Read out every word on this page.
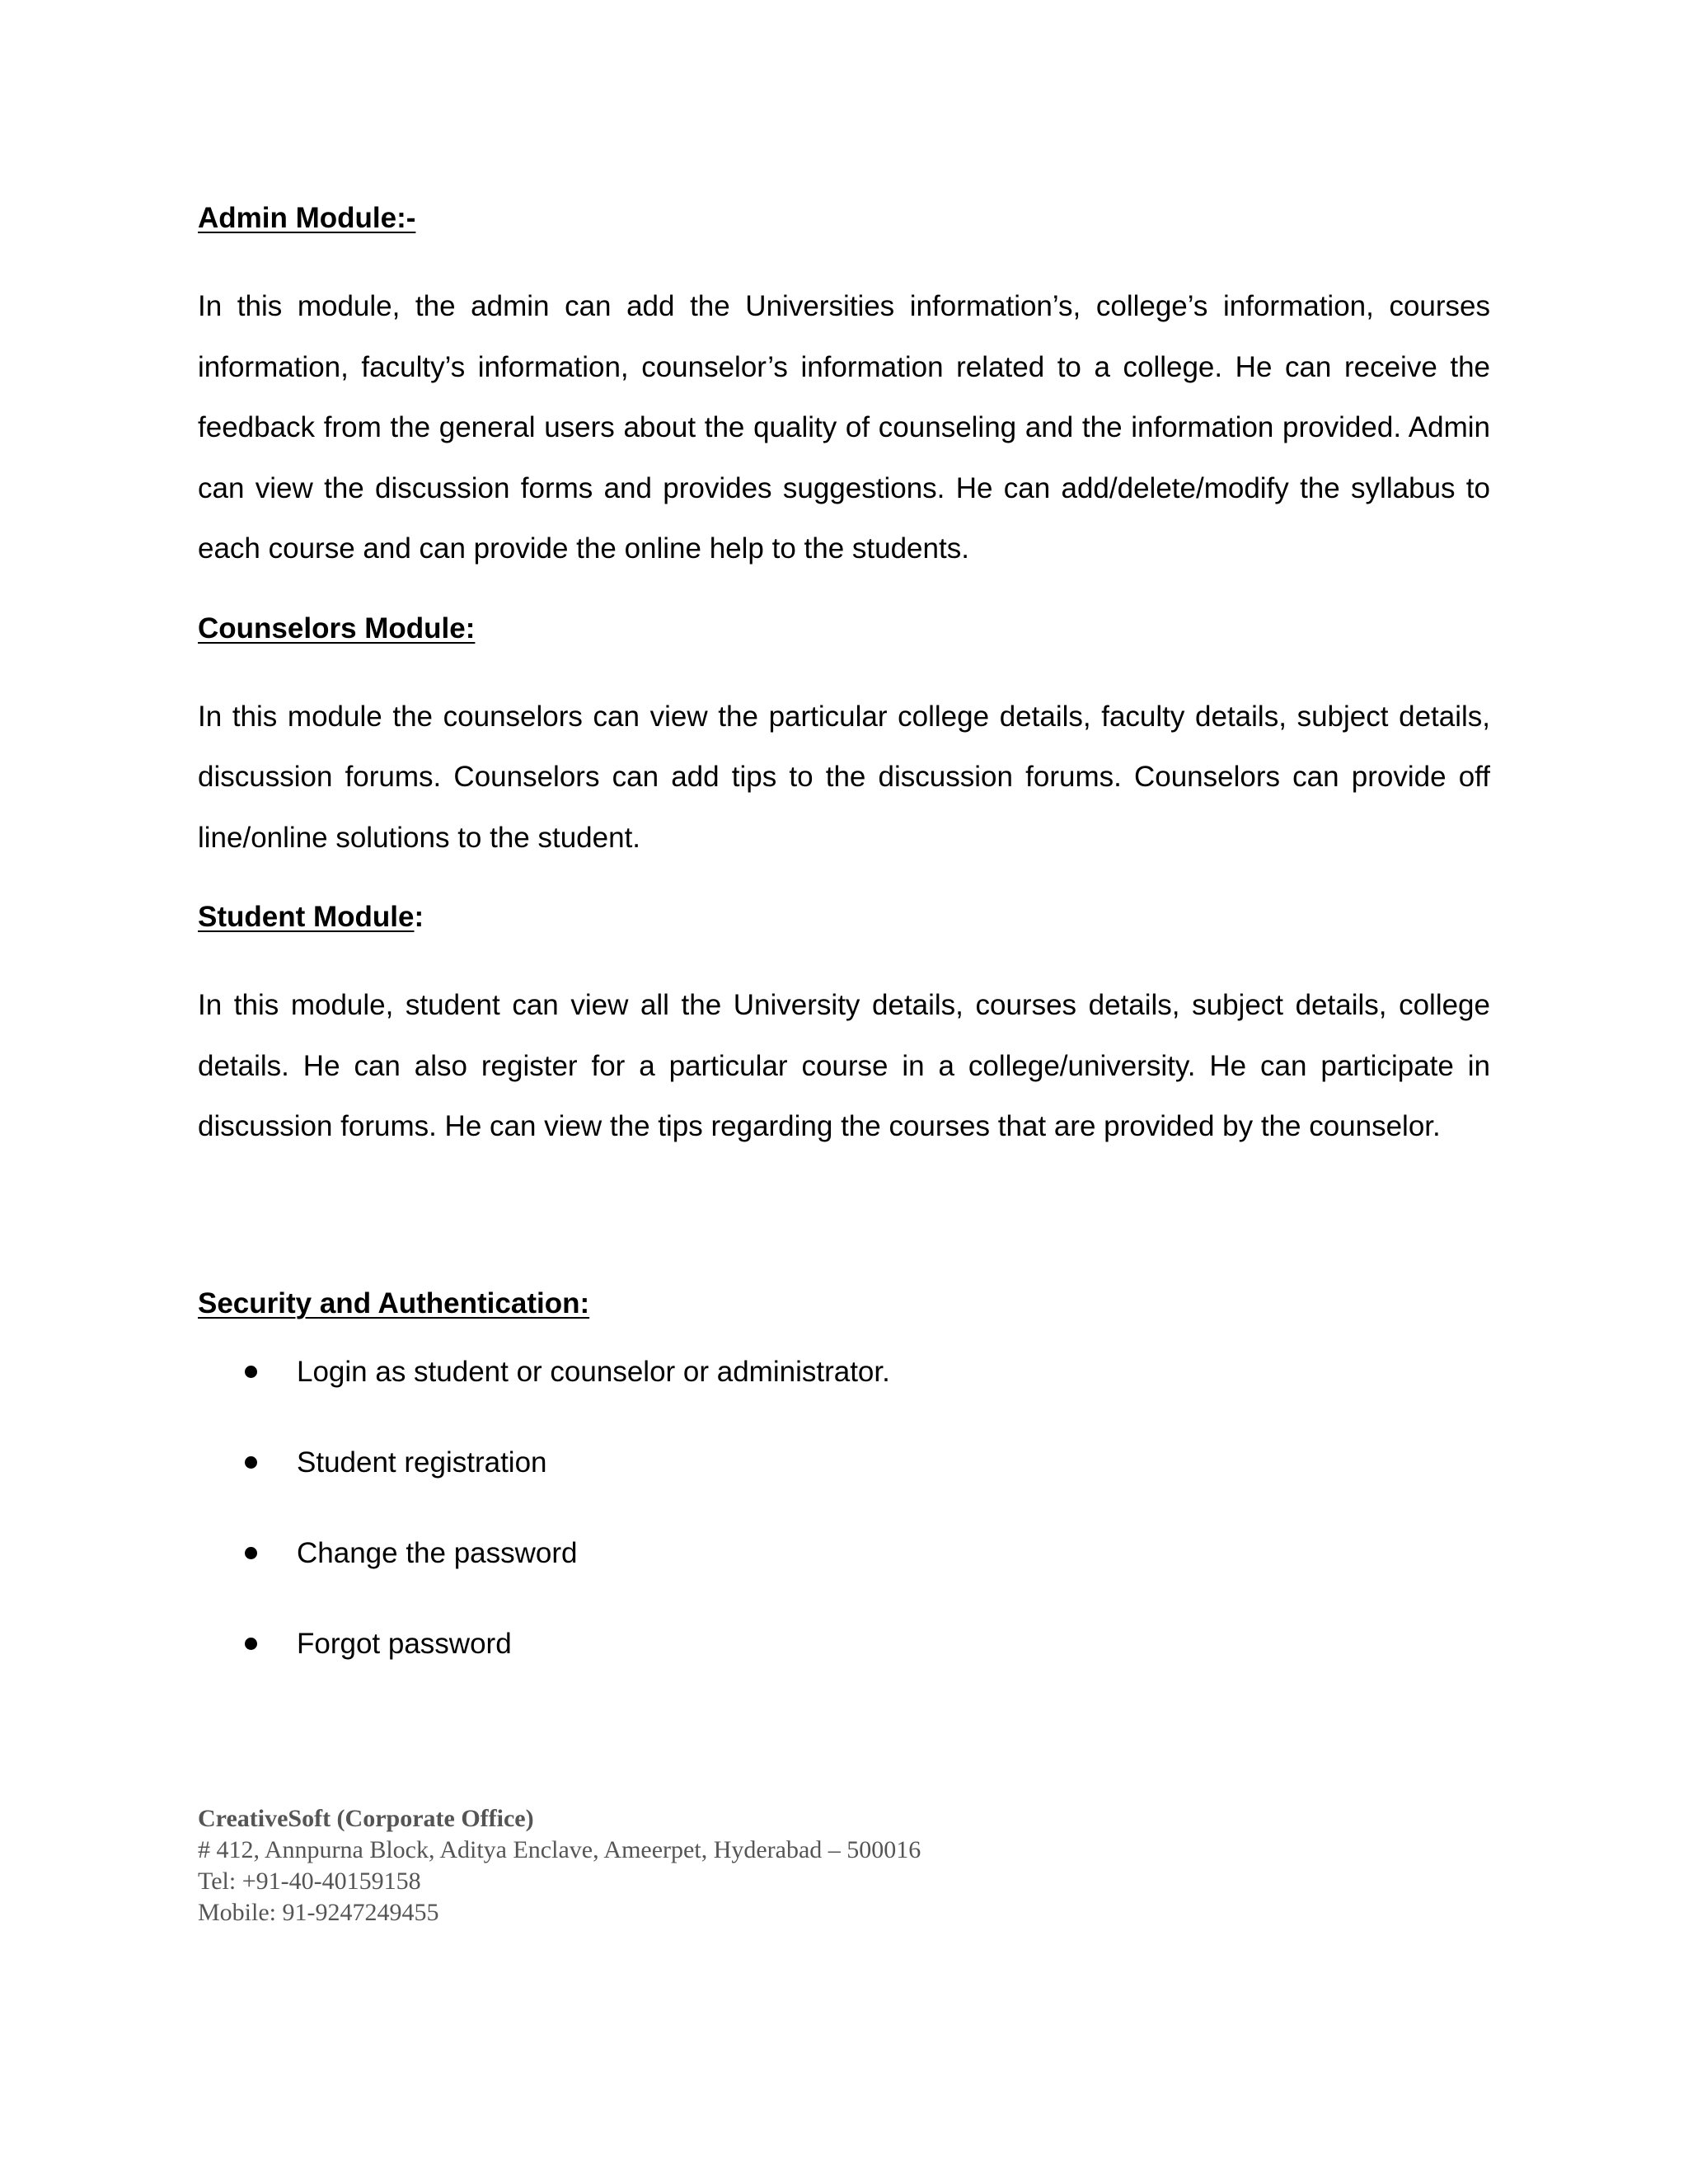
Admin Module:-

In this module, the admin can add the Universities information’s, college’s information, courses information, faculty’s information, counselor’s information related to a college. He can receive the feedback from the general users about the quality of counseling and the information provided. Admin can view the discussion forms and provides suggestions. He can add/delete/modify the syllabus to each course and can provide the online help to the students.

Counselors Module:

In this module the counselors can view the particular college details, faculty details, subject details, discussion forums. Counselors can add tips to the discussion forums. Counselors can provide off line/online solutions to the student.

Student Module:

In this module, student can view all the University details, courses details, subject details, college details. He can also register for a particular course in a college/university. He can participate in discussion forums. He can view the tips regarding the courses that are provided by the counselor.

Security and Authentication:
Login as student or counselor or administrator.
Student registration
Change the password
Forgot password
CreativeSoft (Corporate Office)
# 412, Annpurna Block, Aditya Enclave, Ameerpet, Hyderabad – 500016
Tel: +91-40-40159158
Mobile: 91-9247249455
